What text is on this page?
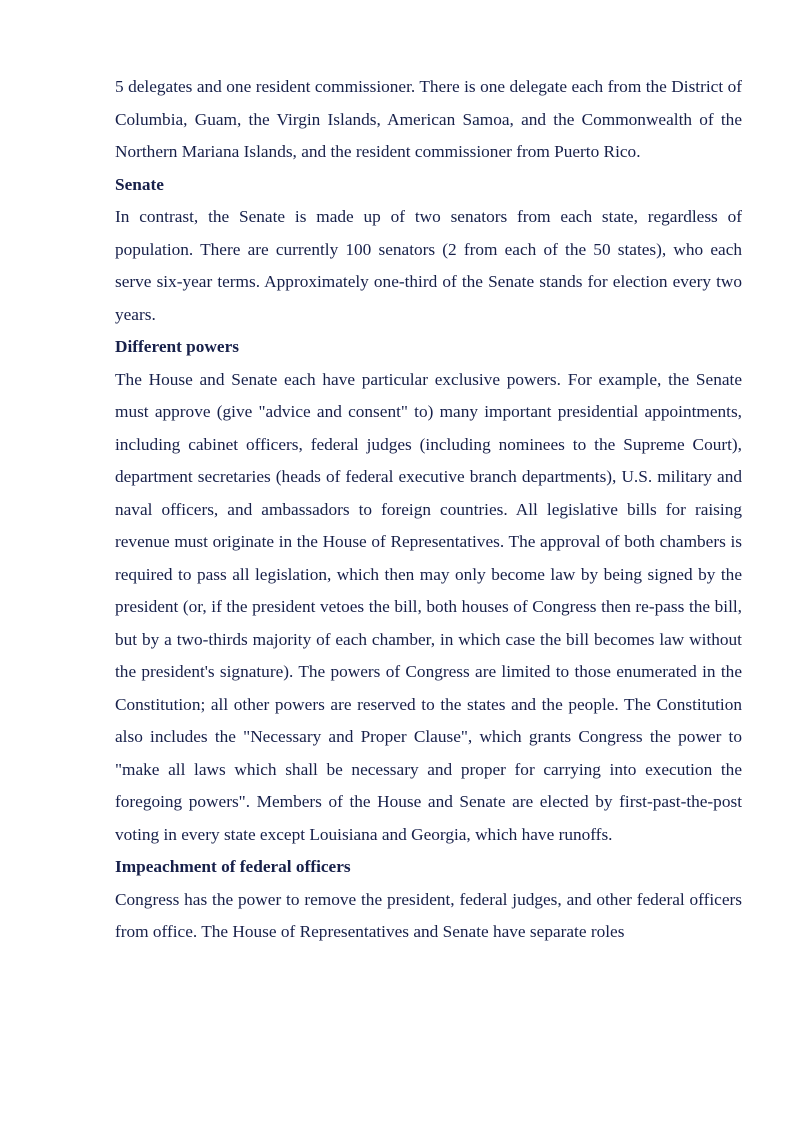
5 delegates and one resident commissioner. There is one delegate each from the District of Columbia, Guam, the Virgin Islands, American Samoa, and the Commonwealth of the Northern Mariana Islands, and the resident commissioner from Puerto Rico.

Senate

In contrast, the Senate is made up of two senators from each state, regardless of population. There are currently 100 senators (2 from each of the 50 states), who each serve six-year terms. Approximately one-third of the Senate stands for election every two years.

Different powers

The House and Senate each have particular exclusive powers. For example, the Senate must approve (give "advice and consent" to) many important presidential appointments, including cabinet officers, federal judges (including nominees to the Supreme Court), department secretaries (heads of federal executive branch departments), U.S. military and naval officers, and ambassadors to foreign countries. All legislative bills for raising revenue must originate in the House of Representatives. The approval of both chambers is required to pass all legislation, which then may only become law by being signed by the president (or, if the president vetoes the bill, both houses of Congress then re-pass the bill, but by a two-thirds majority of each chamber, in which case the bill becomes law without the president's signature). The powers of Congress are limited to those enumerated in the Constitution; all other powers are reserved to the states and the people. The Constitution also includes the "Necessary and Proper Clause", which grants Congress the power to "make all laws which shall be necessary and proper for carrying into execution the foregoing powers". Members of the House and Senate are elected by first-past-the-post voting in every state except Louisiana and Georgia, which have runoffs.

Impeachment of federal officers

Congress has the power to remove the president, federal judges, and other federal officers from office. The House of Representatives and Senate have separate roles
